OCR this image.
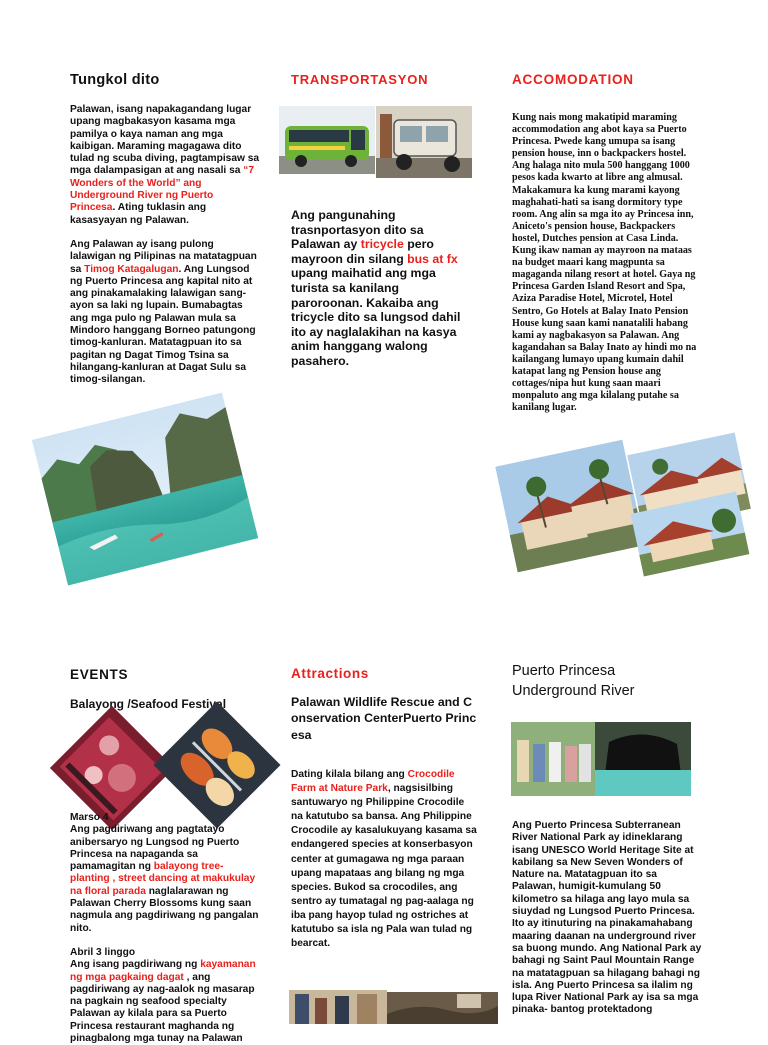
Tungkol dito

Palawan, isang napakagandang lugar upang magbakasyon kasama mga pamilya o kaya naman ang mga kaibigan. Maraming magagawa dito tulad ng scuba diving, pagtampisaw sa mga dalampasigan at ang nasali sa “7 Wonders of the World” ang Underground River ng Puerto Princesa. Ating tuklasin ang kasasyayan ng Palawan.

Ang Palawan ay isang pulong lalawigan ng Pilipinas na matatagpuan sa Timog Katagalugan. Ang Lungsod ng Puerto Princesa ang kapital nito at ang pinakamalaking lalawigan sang-ayon sa laki ng lupain. Bumabagtas ang mga pulo ng Palawan mula sa Mindoro hanggang Borneo patungong timog-kanluran. Matatagpuan ito sa pagitan ng Dagat Timog Tsina sa hilangang-kanluran at Dagat Sulu sa timog-silangan.

TRANSPORTASYON

Ang pangunahing trasnportasyon dito sa Palawan ay tricycle pero mayroon din silang bus at fx upang maihatid ang mga turista sa kanilang paroroonan. Kakaiba ang tricycle dito sa lungsod dahil ito ay naglalakihan na kasya anim hanggang walong pasahero.

ACCOMODATION

Kung nais mong makatipid maraming accommodation ang abot kaya sa Puerto Princesa. Pwede kang umupa sa isang pension house, inn o backpackers hostel. Ang halaga nito mula 500 hanggang 1000 pesos kada kwarto at libre ang almusal. Makakamura ka kung marami kayong maghahati-hati sa isang dormitory type room. Ang alin sa mga ito ay Princesa inn, Aniceto's pension house, Backpackers hostel, Dutches pension at Casa Linda. Kung ikaw naman ay mayroon na mataas na budget maari kang magpunta sa magaganda nilang resort at hotel. Gaya ng Princesa Garden Island Resort and Spa, Aziza Paradise Hotel, Microtel, Hotel Sentro, Go Hotels at Balay Inato Pension House kung saan kami nanatalili habang kami ay nagbakasyon sa Palawan. Ang kagandahan sa Balay Inato ay hindi mo na kailangang lumayo upang kumain dahil katapat lang ng Pension house ang cottages/nipa hut kung saan maari monpaluto ang mga kilalang putahe sa kanilang lugar.

EVENTS
Balayong /Seafood Festival

Marso 4

Ang pagdiriwang ang pagtatayo anibersaryo ng Lungsod ng Puerto Princesa na napaganda sa pamamagitan ng balayong tree-planting , street dancing at makukulay na floral parada naglalarawan ng Palawan Cherry Blossoms kung saan nagmula ang pagdiriwang ng pangalan nito.

Abril 3 linggo

Ang isang pagdiriwang ng kayamanan ng mga pagkaing dagat , ang pagdiriwang ay nag-aalok ng masarap na pagkain ng seafood specialty Palawan ay kilala para sa Puerto Princesa restaurant maghanda ng pinagbalong mga tunay na Palawan

Attractions
Palawan Wildlife Rescue and Conservation CenterPuerto Princesa

Dating kilala bilang ang Crocodile Farm at Nature Park, nagsisilbing santuwaryo ng Philippine Crocodile na katutubo sa bansa. Ang Philippine Crocodile ay kasalukuyang kasama sa endangered species at konserbasyon center at gumagawa ng mga paraan upang mapataas ang bilang ng mga species. Bukod sa crocodiles, ang sentro ay tumatagal ng pag-aalaga ng iba pang hayop tulad ng ostriches at katutubo sa isla ng Pala wan tulad ng bearcat.

Puerto Princesa Underground River

Ang Puerto Princesa Subterranean River National Park ay idineklarang isang UNESCO World Heritage Site at kabilang sa New Seven Wonders of Nature na. Matatagpuan ito sa Palawan, humigit-kumulang 50 kilometro sa hilaga ang layo mula sa siuydad ng Lungsod Puerto Princesa. Ito ay itinuturing na pinakamahabang maaring daanan na underground river sa buong mundo. Ang National Park ay bahagi ng Saint Paul Mountain Range na matatagpuan sa hilagang bahagi ng isla. Ang Puerto Princesa sa ilalim ng lupa River National Park ay isa sa mga pinaka- bantog protektadong
